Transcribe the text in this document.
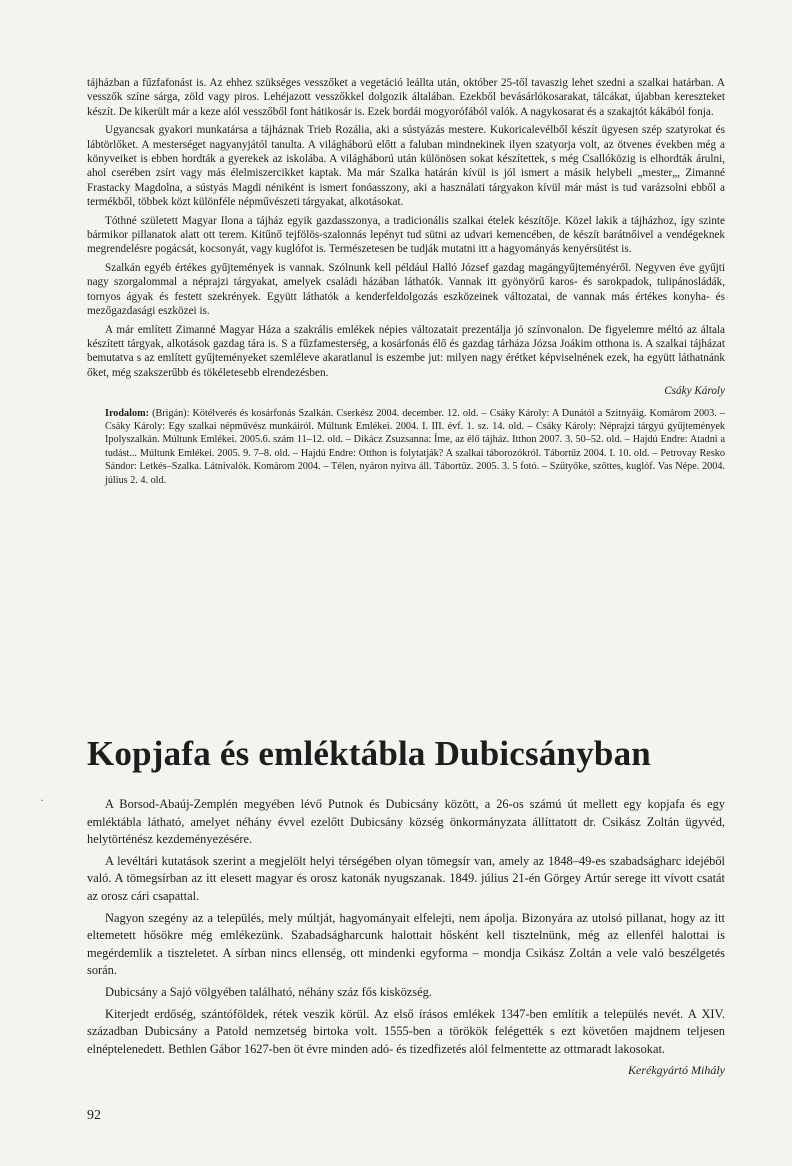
tájházban a fűzfafonást is. Az ehhez szükséges vesszőket a vegetáció leállta után, október 25-től tavaszig lehet szedni a szalkai határban. A vesszők színe sárga, zöld vagy piros. Lehéjazott vesszőkkel dolgozik általában. Ezekből bevásárlókosarakat, tálcákat, újabban kereszteket készít. De kikerült már a keze alól vesszőből font hátikosár is. Ezek bordái mogyorófából valók. A nagykosarat és a szakajtót kákából fonja.

Ugyancsak gyakori munkatársa a tájháznak Trieb Rozália, aki a sústyázás mestere. Kukoricalevélből készít ügyesen szép szatyrokat és lábtörlőket. A mesterséget nagyanyjától tanulta. A világháború előtt a faluban mindnekinek ilyen szatyorja volt, az ötvenes években még a könyveiket is ebben hordták a gyerekek az iskolába. A világháború után különösen sokat készítettek, s még Csallóközig is elhordták árulni, ahol cserében zsírt vagy más élelmiszercikket kaptak. Ma már Szalka határán kívül is jól ismert a másik helybeli „mester„, Zimanné Frastacky Magdolna, a sústyás Magdi néniként is ismert fonóasszony, aki a használati tárgyakon kívül már mást is tud varázsolni ebből a termékből, többek közt különféle népművészeti tárgyakat, alkotásokat.

Tóthné született Magyar Ilona a tájház egyik gazdasszonya, a tradicionális szalkai ételek készítője. Közel lakik a tájházhoz, így szinte bármikor pillanatok alatt ott terem. Kitűnő tejfölös-szalonnás lepényt tud sütni az udvari kemencében, de készít barátnőivel a vendégeknek megrendelésre pogácsát, kocsonyát, vagy kuglófot is. Természetesen be tudják mutatni itt a hagyományás kenyérsütést is.

Szalkán egyéb értékes gyűjtemények is vannak. Szólnunk kell például Halló József gazdag magángyűjteményéről. Negyven éve gyűjti nagy szorgalommal a néprajzi tárgyakat, amelyek családi házában láthatók. Vannak itt gyönyörű karos- és sarokpadok, tulipánosládák, tornyos ágyak és festett szekrények. Együtt láthatók a kenderfeldolgozás eszközeinek változatai, de vannak más értékes konyha- és mezőgazdasági eszközei is.

A már említett Zimanné Magyar Háza a szakrális emlékek népies változatait prezentálja jó színvonalon. De figyelemre méltó az általa készített tárgyak, alkotások gazdag tára is. S a fűzfamesterség, a kosárfonás élő és gazdag tárháza Józsa Joákim otthona is. A szalkai tájházat bemutatva s az említett gyűjteményeket szemléleve akaratlanul is eszembe jut: milyen nagy érétket képviselnének ezek, ha együtt láthatnánk őket, még szakszerűbb és tökéletesebb elrendezésben.

Csáky Károly
Irodalom: (Brigán): Kötélverés és kosárfonás Szalkán. Cserkész 2004. december. 12. old. – Csáky Károly: A Dunától a Szitnyáig. Komárom 2003. – Csáky Károly: Egy szalkai népművész munkáiról. Múltunk Emlékei. 2004. I. III. évf. 1. sz. 14. old. – Csáky Károly: Néprajzi tárgyú gyűjtemények Ipolyszalkán. Múltunk Emlékei. 2005.6. szám 11–12. old. – Dikácz Zsuzsanna: Íme, az élő tájház. Itthon 2007. 3. 50–52. old. – Hajdú Endre: Atadni a tudást... Múltunk Emlékei. 2005. 9. 7–8. old. – Hajdú Endre: Otthon is folytatják? A szalkai táborozókról. Tábortűz 2004. I. 10. old. – Petrovay Resko Sándor: Letkés–Szalka. Látnivalók. Komárom 2004. – Télen, nyáron nyitva áll. Tábortűz. 2005. 3. 5 fotó. – Szütyőke, szőttes, kuglóf. Vas Népe. 2004. július 2. 4. old.
Kopjafa és emléktábla Dubicsányban
·	A Borsod-Abaúj-Zemplén megyében lévő Putnok és Dubicsány között, a 26-os számú út mellett egy kopjafa és egy emléktábla látható, amelyet néhány évvel ezelőtt Dubicsány község önkormányzata állíttatott dr. Csikász Zoltán ügyvéd, helytörténész kezdeményezésére.

A levéltári kutatások szerint a megjelölt helyi térségében olyan tömegsír van, amely az 1848–49-es szabadságharc idejéből való. A tömegsírban az itt elesett magyar és orosz katonák nyugszanak. 1849. július 21-én Görgey Artúr serege itt vívott csatát az orosz cári csapattal.

Nagyon szegény az a település, mely múltját, hagyományait elfelejti, nem ápolja. Bizonyára az utolsó pillanat, hogy az itt eltemetett hősökre még emlékezünk. Szabadságharcunk halottait hősként kell tisztelnünk, még az ellenfél halottai is megérdemlik a tiszteletet. A sírban nincs ellenség, ott mindenki egyforma – mondja Csikász Zoltán a vele való beszélgetés során.

Dubicsány a Sajó völgyében található, néhány száz fős kisközség.

Kiterjedt erdőség, szántóföldek, rétek veszik körül. Az első írásos emlékek 1347-ben említik a település nevét. A XIV. században Dubicsány a Patold nemzetség birtoka volt. 1555-ben a törökök felégették s ezt követően majdnem teljesen elnéptelenedett. Bethlen Gábor 1627-ben öt évre minden adó- és tizedfizetés alól felmentette az ottmaradt lakosokat.

Kerékgyártó Mihály
92
